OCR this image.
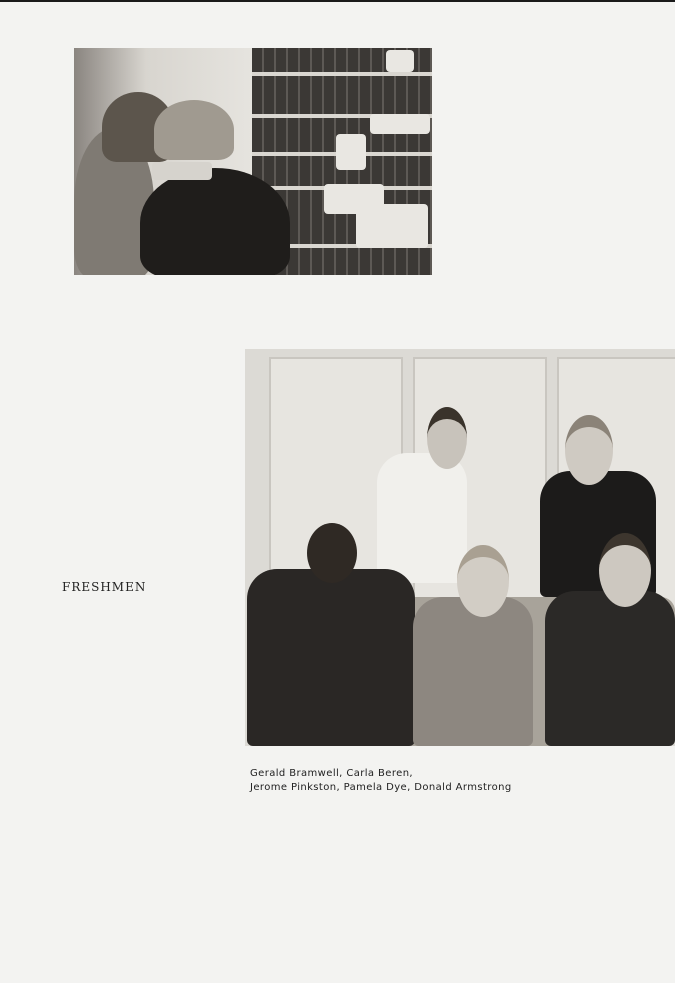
FRESHMEN
Gerald Bramwell, Carla Beren,
Jerome Pinkston, Pamela Dye, Donald Armstrong
